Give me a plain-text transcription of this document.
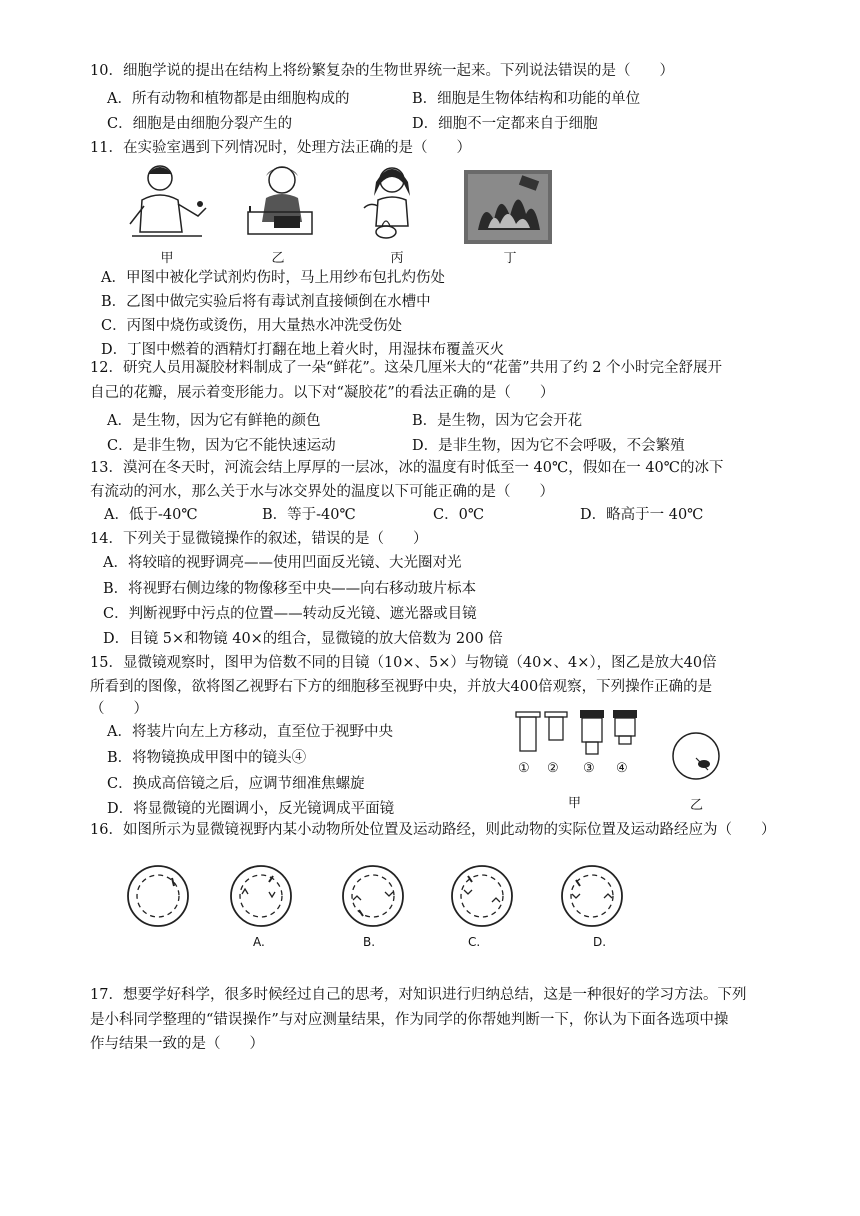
10．细胞学说的提出在结构上将纷繁复杂的生物世界统一起来。下列说法错误的是（　　）
A．所有动物和植物都是由细胞构成的	B．细胞是生物体结构和功能的单位
C．细胞是由细胞分裂产生的	D．细胞不一定都来自于细胞
11．在实验室遇到下列情况时，处理方法正确的是（　　）
甲	乙	丙	丁
A．甲图中被化学试剂灼伤时，马上用纱布包扎灼伤处
B．乙图中做完实验后将有毒试剂直接倾倒在水槽中
C．丙图中烧伤或烫伤，用大量热水冲洗受伤处
D．丁图中燃着的酒精灯打翻在地上着火时，用湿抹布覆盖灭火
12．研究人员用凝胶材料制成了一朵“鲜花”。这朵几厘米大的“花蕾”共用了约 2 个小时完全舒展开
自己的花瓣，展示着变形能力。以下对“凝胶花”的看法正确的是（　　）
A．是生物，因为它有鲜艳的颜色	B．是生物，因为它会开花
C．是非生物，因为它不能快速运动	D．是非生物，因为它不会呼吸，不会繁殖
13．漠河在冬天时，河流会结上厚厚的一层冰，冰的温度有时低至一 40℃，假如在一 40℃的冰下
有流动的河水，那么关于水与冰交界处的温度以下可能正确的是（　　）
A．低于-40℃	B．等于-40℃	C．0℃	D．略高于一 40℃
14．下列关于显微镜操作的叙述，错误的是（　　）
A．将较暗的视野调亮——使用凹面反光镜、大光圈对光
B．将视野右侧边缘的物像移至中央——向右移动玻片标本
C．判断视野中污点的位置——转动反光镜、遮光器或目镜
D．目镜 5×和物镜 40×的组合，显微镜的放大倍数为 200 倍
15．显微镜观察时，图甲为倍数不同的目镜（10×、5×）与物镜（40×、4×），图乙是放大40倍
所看到的图像，欲将图乙视野右下方的细胞移至视野中央，并放大400倍观察，下列操作正确的是
（　　）
A．将装片向左上方移动，直至位于视野中央
B．将物镜换成甲图中的镜头④
C．换成高倍镜之后，应调节细准焦螺旋
D．将显微镜的光圈调小，反光镜调成平面镜
① ② ③ ④
甲	乙
16．如图所示为显微镜视野内某小动物所处位置及运动路经，则此动物的实际位置及运动路经应为（　　）
A.	B.	C.	D.
17．想要学好科学，很多时候经过自己的思考，对知识进行归纳总结，这是一种很好的学习方法。下列
是小科同学整理的“错误操作”与对应测量结果，作为同学的你帮她判断一下，你认为下面各选项中操
作与结果一致的是（　　）
